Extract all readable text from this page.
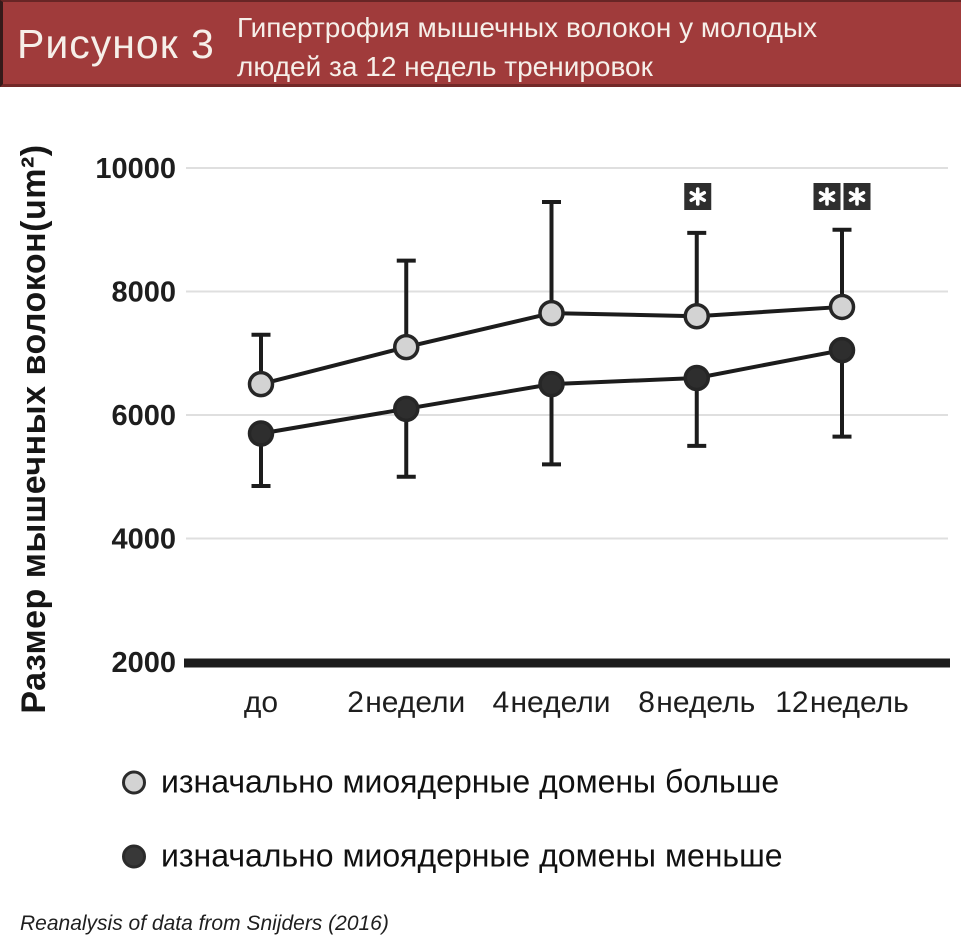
Рисунок 3 Гипертрофия мышечных волокон у молодых
людей за 12 недель тренировок
Размер мышечных волокон(um²) 2000
4000
6000
8000
10000
до 2 недели 4 недели 8 недель 12 недель
изначально миоядерные домены больше
изначально миоядерные домены меньше
Reanalysis of data from Snijders (2016)
